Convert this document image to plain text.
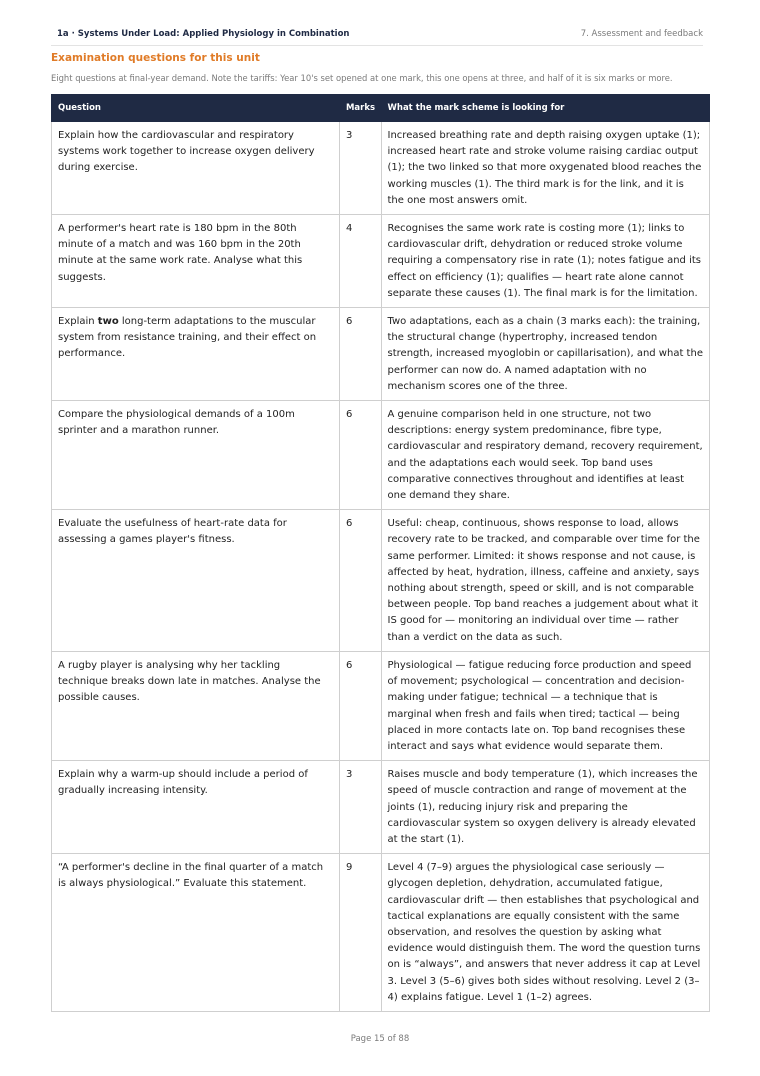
1a · Systems Under Load: Applied Physiology in Combination	7. Assessment and feedback
Examination questions for this unit
Eight questions at final-year demand. Note the tariffs: Year 10's set opened at one mark, this one opens at three, and half of it is six marks or more.
Question	Marks	What the mark scheme is looking for
Explain how the cardiovascular and respiratory systems work together to increase oxygen delivery during exercise.	3	Increased breathing rate and depth raising oxygen uptake (1); increased heart rate and stroke volume raising cardiac output (1); the two linked so that more oxygenated blood reaches the working muscles (1). The third mark is for the link, and it is the one most answers omit.
A performer's heart rate is 180 bpm in the 80th minute of a match and was 160 bpm in the 20th minute at the same work rate. Analyse what this suggests.	4	Recognises the same work rate is costing more (1); links to cardiovascular drift, dehydration or reduced stroke volume requiring a compensatory rise in rate (1); notes fatigue and its effect on efficiency (1); qualifies — heart rate alone cannot separate these causes (1). The final mark is for the limitation.
Explain two long-term adaptations to the muscular system from resistance training, and their effect on performance.	6	Two adaptations, each as a chain (3 marks each): the training, the structural change (hypertrophy, increased tendon strength, increased myoglobin or capillarisation), and what the performer can now do. A named adaptation with no mechanism scores one of the three.
Compare the physiological demands of a 100m sprinter and a marathon runner.	6	A genuine comparison held in one structure, not two descriptions: energy system predominance, fibre type, cardiovascular and respiratory demand, recovery requirement, and the adaptations each would seek. Top band uses comparative connectives throughout and identifies at least one demand they share.
Evaluate the usefulness of heart-rate data for assessing a games player's fitness.	6	Useful: cheap, continuous, shows response to load, allows recovery rate to be tracked, and comparable over time for the same performer. Limited: it shows response and not cause, is affected by heat, hydration, illness, caffeine and anxiety, says nothing about strength, speed or skill, and is not comparable between people. Top band reaches a judgement about what it IS good for — monitoring an individual over time — rather than a verdict on the data as such.
A rugby player is analysing why her tackling technique breaks down late in matches. Analyse the possible causes.	6	Physiological — fatigue reducing force production and speed of movement; psychological — concentration and decision-making under fatigue; technical — a technique that is marginal when fresh and fails when tired; tactical — being placed in more contacts late on. Top band recognises these interact and says what evidence would separate them.
Explain why a warm-up should include a period of gradually increasing intensity.	3	Raises muscle and body temperature (1), which increases the speed of muscle contraction and range of movement at the joints (1), reducing injury risk and preparing the cardiovascular system so oxygen delivery is already elevated at the start (1).
“A performer's decline in the final quarter of a match is always physiological.” Evaluate this statement.	9	Level 4 (7–9) argues the physiological case seriously — glycogen depletion, dehydration, accumulated fatigue, cardiovascular drift — then establishes that psychological and tactical explanations are equally consistent with the same observation, and resolves the question by asking what evidence would distinguish them. The word the question turns on is “always”, and answers that never address it cap at Level 3. Level 3 (5–6) gives both sides without resolving. Level 2 (3–4) explains fatigue. Level 1 (1–2) agrees.
Page 15 of 88
